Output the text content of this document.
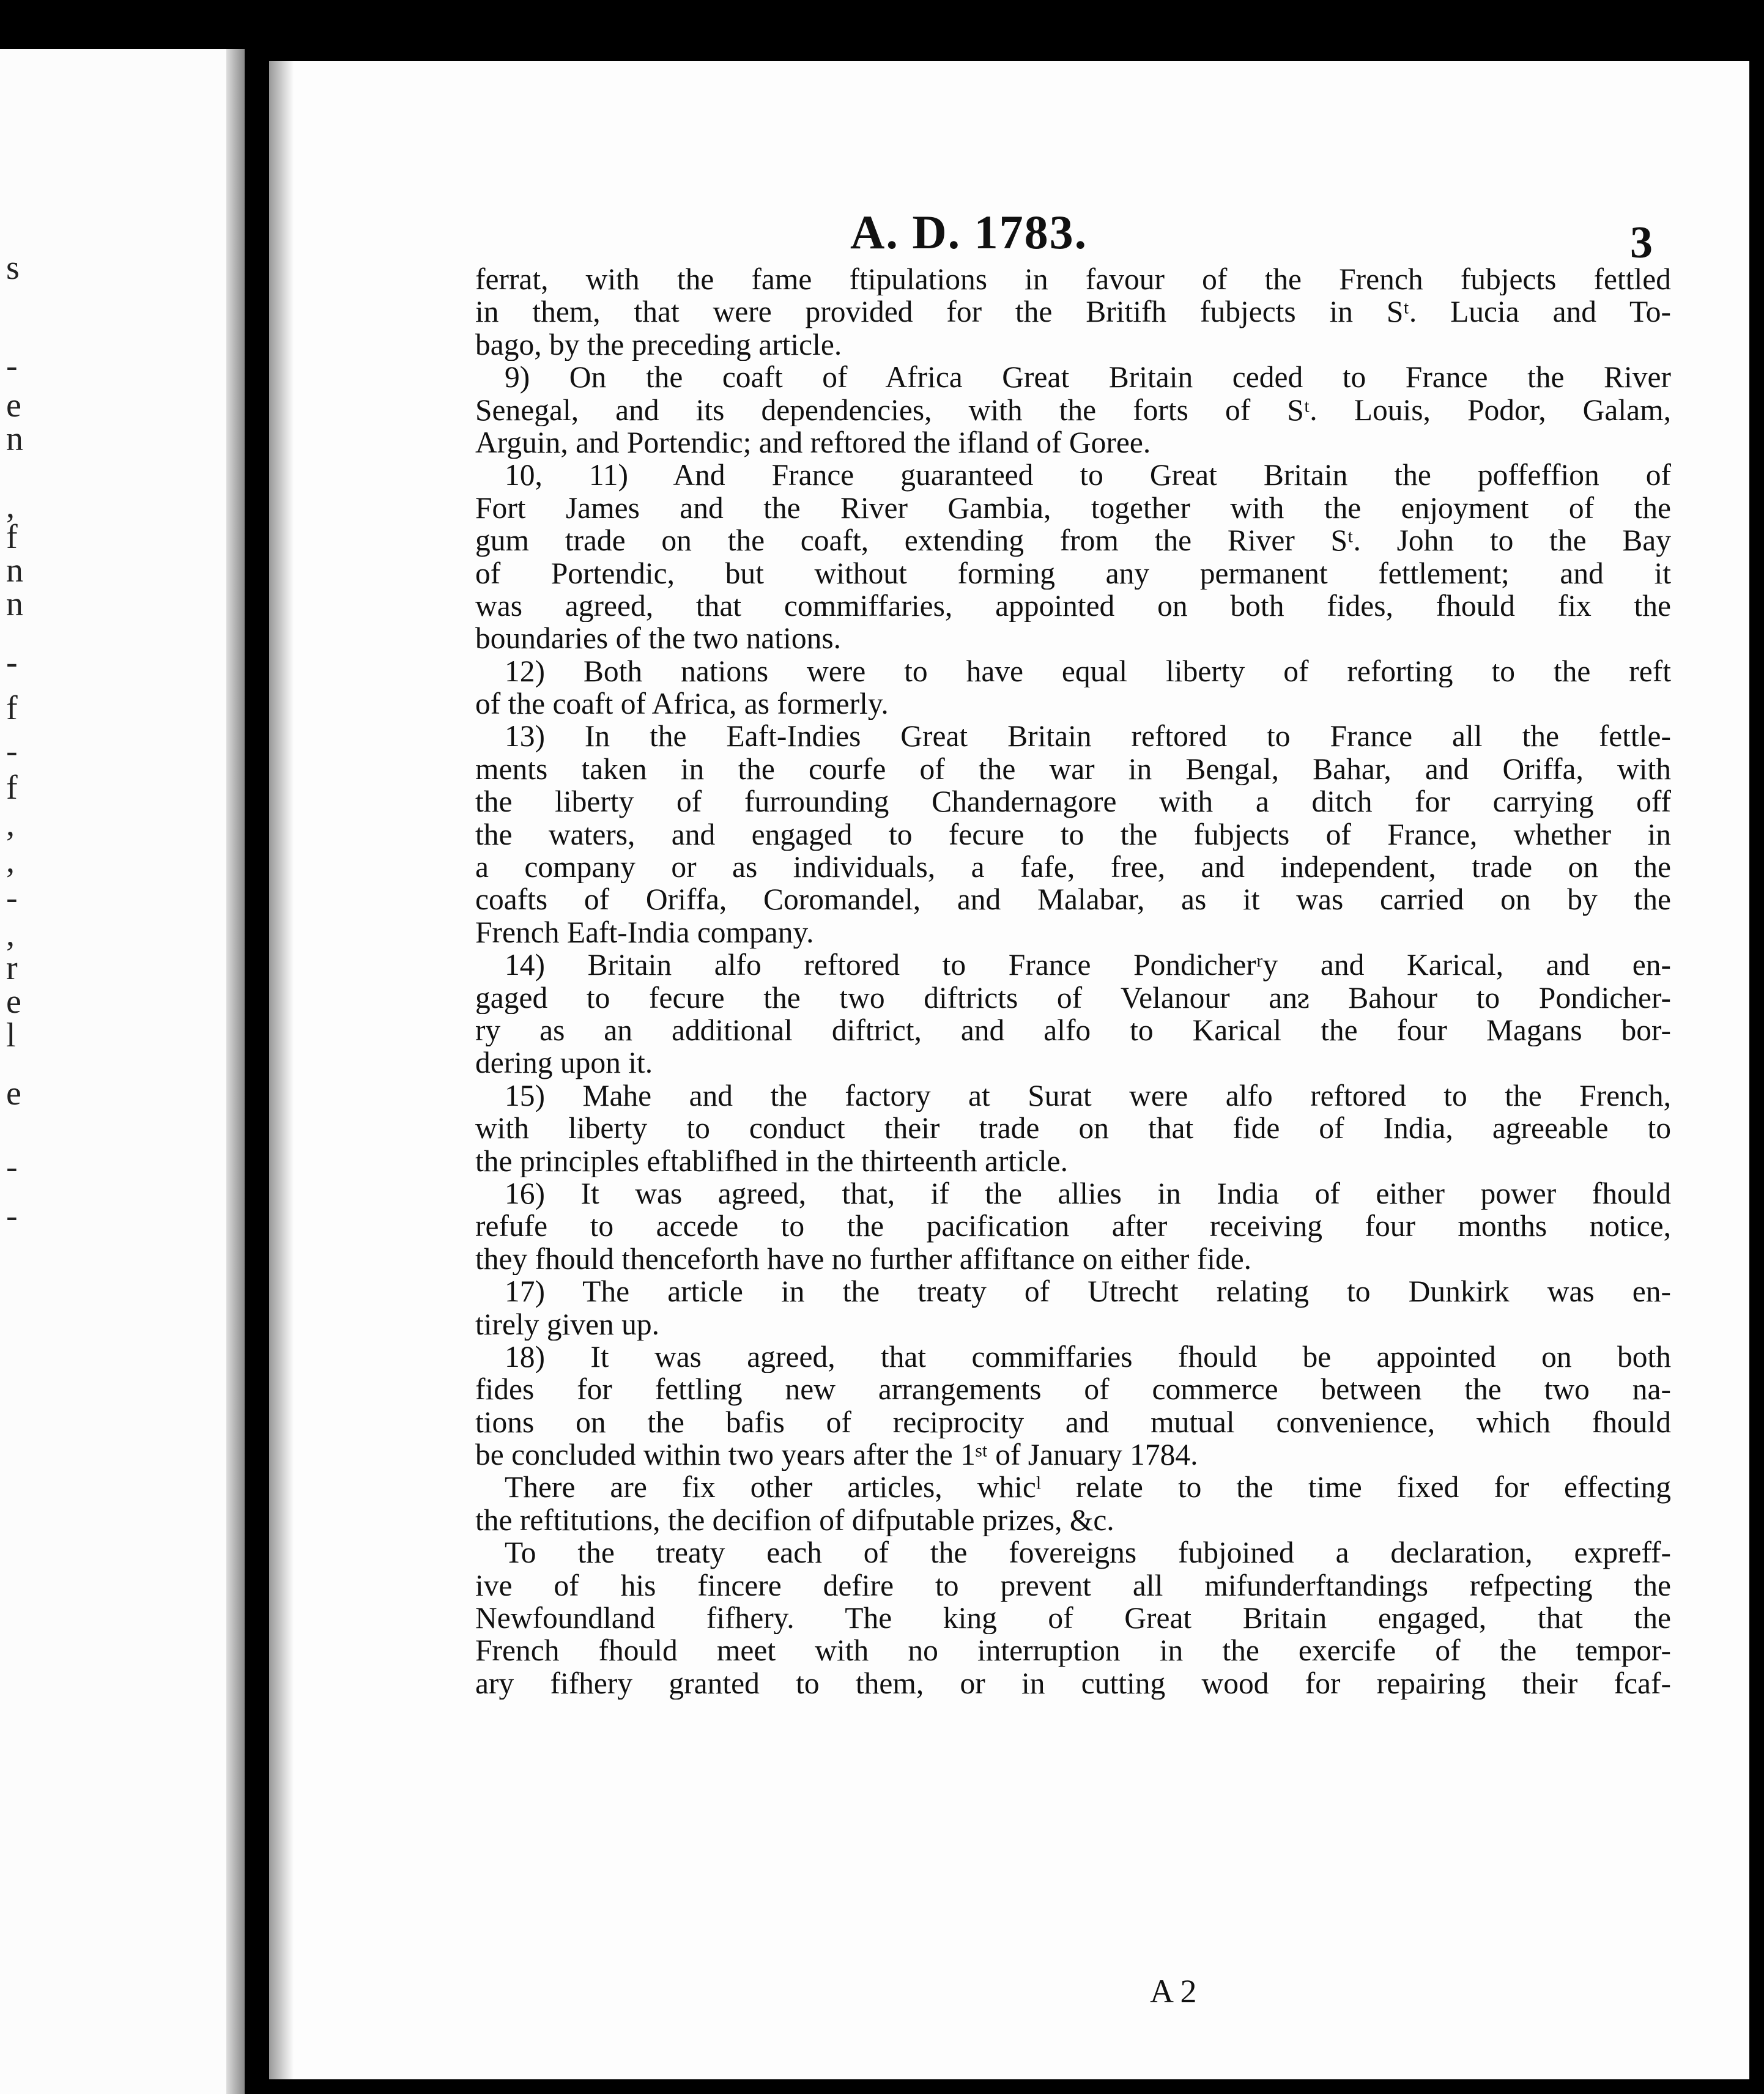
s
-
e
n
,
f
n
n
-
f
-
f
,
,
-
,
r
e
l
e
-
-
A. D. 1783.	3
ferrat, with the fame ftipulations in favour of the French fubjects fettled
in them, that were provided for the Britifh fubjects in Sᵗ. Lucia and To-
bago, by the preceding article.
9) On the coaft of Africa Great Britain ceded to France the River
Senegal, and its dependencies, with the forts of Sᵗ. Louis, Podor, Galam,
Arguin, and Portendic; and reftored the ifland of Goree.
10, 11) And France guaranteed to Great Britain the poffeffion of
Fort James and the River Gambia, together with the enjoyment of the
gum trade on the coaft, extending from the River Sᵗ. John to the Bay
of Portendic, but without forming any permanent fettlement; and it
was agreed, that commiffaries, appointed on both fides, fhould fix the
boundaries of the two nations.
12) Both nations were to have equal liberty of reforting to the reft
of the coaft of Africa, as formerly.
13) In the Eaft-Indies Great Britain reftored to France all the fettle-
ments taken in the courfe of the war in Bengal, Bahar, and Oriffa, with
the liberty of furrounding Chandernagore with a ditch for carrying off
the waters, and engaged to fecure to the fubjects of France, whether in
a company or as individuals, a fafe, free, and independent, trade on the
coafts of Oriffa, Coromandel, and Malabar, as it was carried on by the
French Eaft-India company.
14) Britain alfo reftored to France Pondicherʳy and Karical, and en-
gaged to fecure the two diftricts of Velanour anᴤ Bahour to Pondicher-
ry as an additional diftrict, and alfo to Karical the four Magans bor-
dering upon it.
15) Mahe and the factory at Surat were alfo reftored to the French,
with liberty to conduct their trade on that fide of India, agreeable to
the principles eftablifhed in the thirteenth article.
16) It was agreed, that, if the allies in India of either power fhould
refufe to accede to the pacification after receiving four months notice,
they fhould thenceforth have no further affiftance on either fide.
17) The article in the treaty of Utrecht relating to Dunkirk was en-
tirely given up.
18) It was agreed, that commiffaries fhould be appointed on both
fides for fettling new arrangements of commerce between the two na-
tions on the bafis of reciprocity and mutual convenience, which fhould
be concluded within two years after the 1ˢᵗ of January 1784.
There are fix other articles, whicˡ relate to the time fixed for effecting
the reftitutions, the decifion of difputable prizes, &c.
To the treaty each of the fovereigns fubjoined a declaration, expreff-
ive of his fincere defire to prevent all mifunderftandings refpecting the
Newfoundland fifhery. The king of Great Britain engaged, that the
French fhould meet with no interruption in the exercife of the tempor-
ary fifhery granted to them, or in cutting wood for repairing their fcaf-
A 2
